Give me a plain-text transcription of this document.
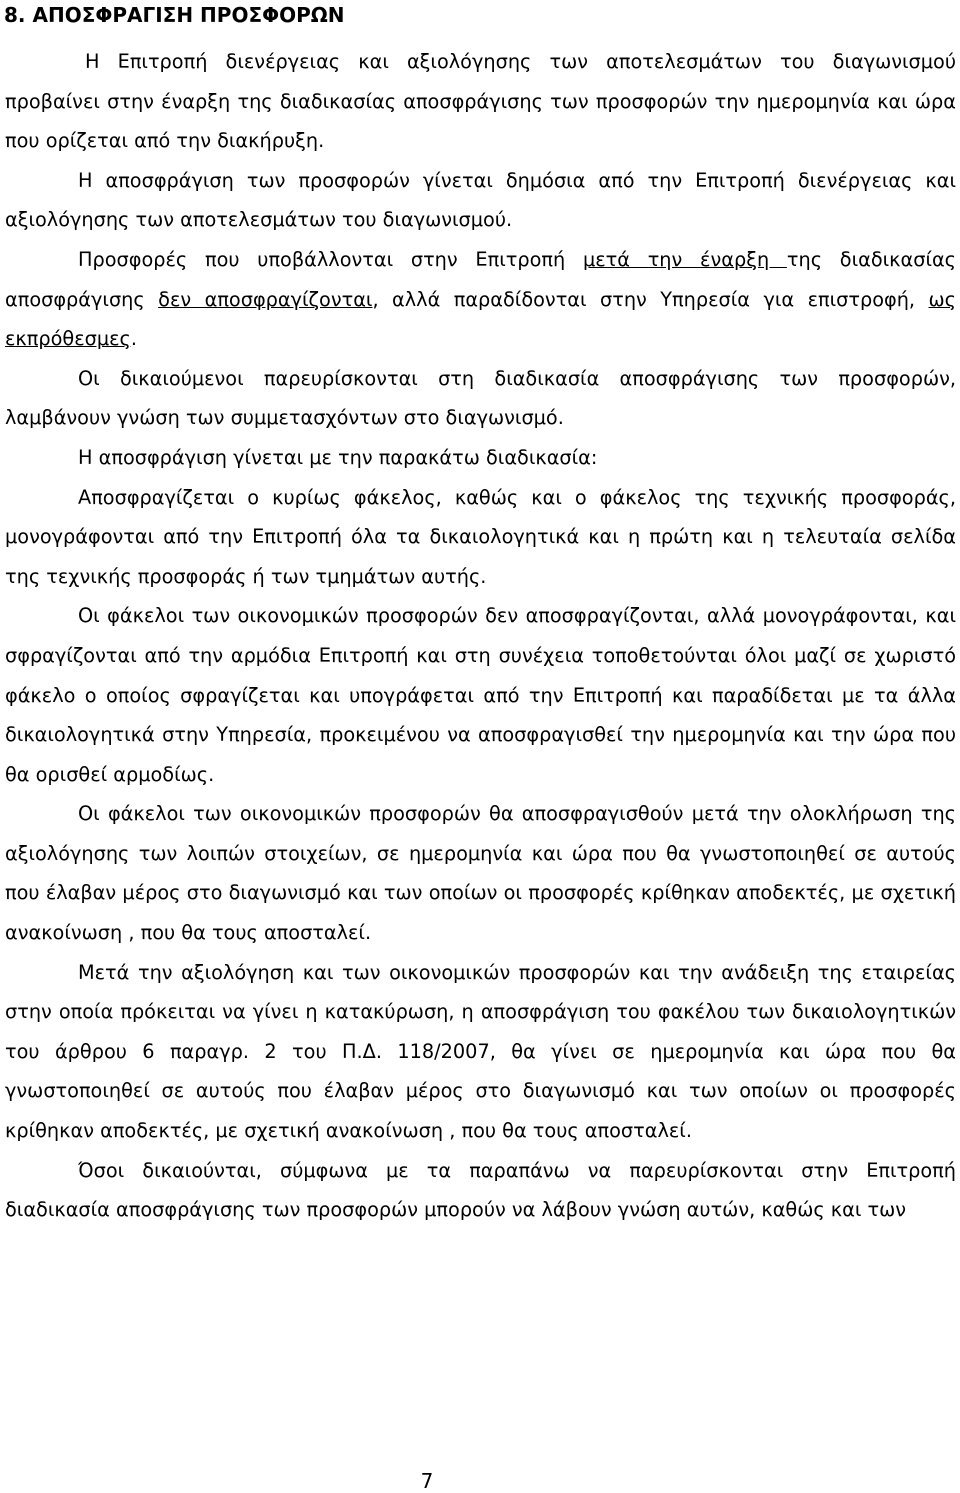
8. ΑΠΟΣΦΡΑΓΙΣΗ ΠΡΟΣΦΟΡΩΝ

Η Επιτροπή διενέργειας και αξιολόγησης των αποτελεσμάτων του διαγωνισμού προβαίνει στην έναρξη της διαδικασίας αποσφράγισης των προσφορών την ημερομηνία και ώρα που ορίζεται από την διακήρυξη.

Η αποσφράγιση των προσφορών γίνεται δημόσια από την Επιτροπή διενέργειας και αξιολόγησης των αποτελεσμάτων του διαγωνισμού.

Προσφορές που υποβάλλονται στην Επιτροπή μετά την έναρξη της διαδικασίας αποσφράγισης δεν αποσφραγίζονται, αλλά παραδίδονται στην Υπηρεσία για επιστροφή, ως εκπρόθεσμες.

Οι δικαιούμενοι παρευρίσκονται στη διαδικασία αποσφράγισης των προσφορών, λαμβάνουν γνώση των συμμετασχόντων στο διαγωνισμό.

Η αποσφράγιση γίνεται με την παρακάτω διαδικασία:

Αποσφραγίζεται ο κυρίως φάκελος, καθώς και ο φάκελος της τεχνικής προσφοράς, μονογράφονται από την Επιτροπή όλα τα δικαιολογητικά και η πρώτη και η τελευταία σελίδα της τεχνικής προσφοράς ή των τμημάτων αυτής.

Οι φάκελοι των οικονομικών προσφορών δεν αποσφραγίζονται, αλλά μονογράφονται, και σφραγίζονται από την αρμόδια Επιτροπή και στη συνέχεια τοποθετούνται όλοι μαζί σε χωριστό φάκελο ο οποίος σφραγίζεται και υπογράφεται από την Επιτροπή και παραδίδεται με τα άλλα δικαιολογητικά στην Υπηρεσία, προκειμένου να αποσφραγισθεί την ημερομηνία και την ώρα που θα ορισθεί αρμοδίως.

Οι φάκελοι των οικονομικών προσφορών θα αποσφραγισθούν μετά την ολοκλήρωση της αξιολόγησης των λοιπών στοιχείων, σε ημερομηνία και ώρα που θα γνωστοποιηθεί σε αυτούς που έλαβαν μέρος στο διαγωνισμό και των οποίων οι προσφορές κρίθηκαν αποδεκτές, με σχετική ανακοίνωση , που θα τους αποσταλεί.

Μετά την αξιολόγηση και των οικονομικών προσφορών και την ανάδειξη της εταιρείας στην οποία πρόκειται να γίνει η κατακύρωση, η αποσφράγιση του φακέλου των δικαιολογητικών του άρθρου 6 παραγρ. 2 του Π.Δ. 118/2007, θα γίνει σε ημερομηνία και ώρα που θα γνωστοποιηθεί σε αυτούς που έλαβαν μέρος στο διαγωνισμό και των οποίων οι προσφορές κρίθηκαν αποδεκτές, με σχετική ανακοίνωση , που θα τους αποσταλεί.

Όσοι δικαιούνται, σύμφωνα με τα παραπάνω να παρευρίσκονται στην Επιτροπή διαδικασία αποσφράγισης των προσφορών μπορούν να λάβουν γνώση αυτών, καθώς και των

7
